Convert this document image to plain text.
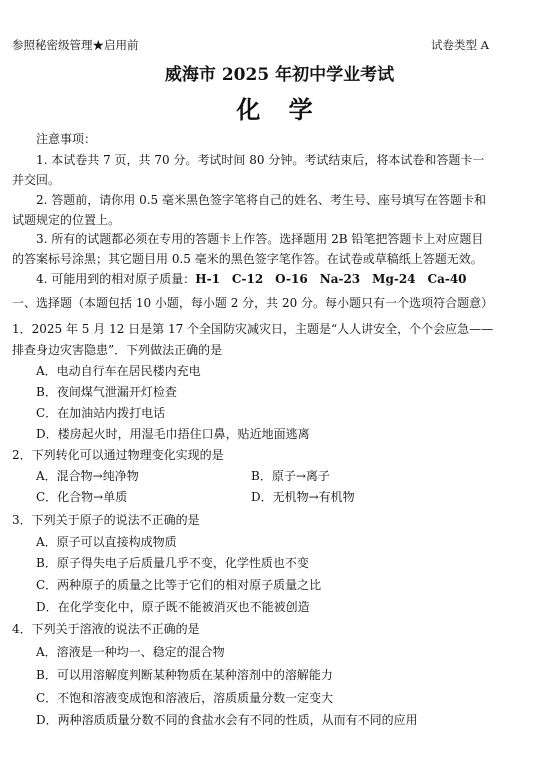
参照秘密级管理★启用前	试卷类型 A
威海市 2025 年初中学业考试
化 学
注意事项：
1. 本试卷共 7 页，共 70 分。考试时间 80 分钟。考试结束后，将本试卷和答题卡一
并交回。
2. 答题前，请你用 0.5 毫米黑色签字笔将自己的姓名、考生号、座号填写在答题卡和
试题规定的位置上。
3. 所有的试题都必须在专用的答题卡上作答。选择题用 2B 铅笔把答题卡上对应题目
的答案标号涂黑；其它题目用 0.5 毫米的黑色签字笔作答。在试卷或草稿纸上答题无效。
4. 可能用到的相对原子质量：H-1　C-12　O-16　Na-23　Mg-24　Ca-40
一、选择题（本题包括 10 小题，每小题 2 分，共 20 分。每小题只有一个选项符合题意）
1．2025 年 5 月 12 日是第 17 个全国防灾减灾日，主题是“人人讲安全，个个会应急——
排查身边灾害隐患”．下列做法正确的是
A．电动自行车在居民楼内充电
B．夜间煤气泄漏开灯检查
C．在加油站内拨打电话
D．楼房起火时，用湿毛巾捂住口鼻，贴近地面逃离
2．下列转化可以通过物理变化实现的是
A．混合物→纯净物	B．原子→离子
C．化合物→单质	D．无机物→有机物
3．下列关于原子的说法不正确的是
A．原子可以直接构成物质
B．原子得失电子后质量几乎不变，化学性质也不变
C．两种原子的质量之比等于它们的相对原子质量之比
D．在化学变化中，原子既不能被消灭也不能被创造
4．下列关于溶液的说法不正确的是
A．溶液是一种均一、稳定的混合物
B．可以用溶解度判断某种物质在某种溶剂中的溶解能力
C．不饱和溶液变成饱和溶液后，溶质质量分数一定变大
D．两种溶质质量分数不同的食盐水会有不同的性质，从而有不同的应用
